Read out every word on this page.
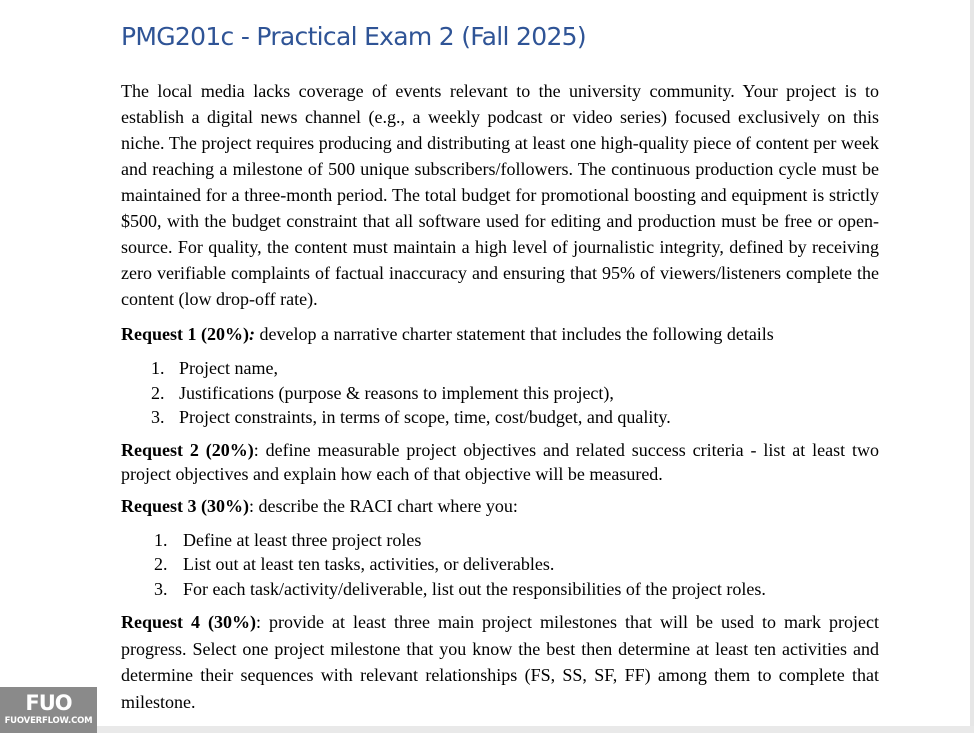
PMG201c - Practical Exam 2 (Fall 2025)

The local media lacks coverage of events relevant to the university community. Your project is to establish a digital news channel (e.g., a weekly podcast or video series) focused exclusively on this niche. The project requires producing and distributing at least one high-quality piece of content per week and reaching a milestone of 500 unique subscribers/followers. The continuous production cycle must be maintained for a three-month period. The total budget for promotional boosting and equipment is strictly $500, with the budget constraint that all software used for editing and production must be free or open-source. For quality, the content must maintain a high level of journalistic integrity, defined by receiving zero verifiable complaints of factual inaccuracy and ensuring that 95% of viewers/listeners complete the content (low drop-off rate).

Request 1 (20%): develop a narrative charter statement that includes the following details

1. Project name,
2. Justifications (purpose & reasons to implement this project),
3. Project constraints, in terms of scope, time, cost/budget, and quality.

Request 2 (20%): define measurable project objectives and related success criteria - list at least two project objectives and explain how each of that objective will be measured.

Request 3 (30%): describe the RACI chart where you:

1. Define at least three project roles
2. List out at least ten tasks, activities, or deliverables.
3. For each task/activity/deliverable, list out the responsibilities of the project roles.

Request 4 (30%): provide at least three main project milestones that will be used to mark project progress. Select one project milestone that you know the best then determine at least ten activities and determine their sequences with relevant relationships (FS, SS, SF, FF) among them to complete that milestone.

FUO
FUOVERFLOW.COM
